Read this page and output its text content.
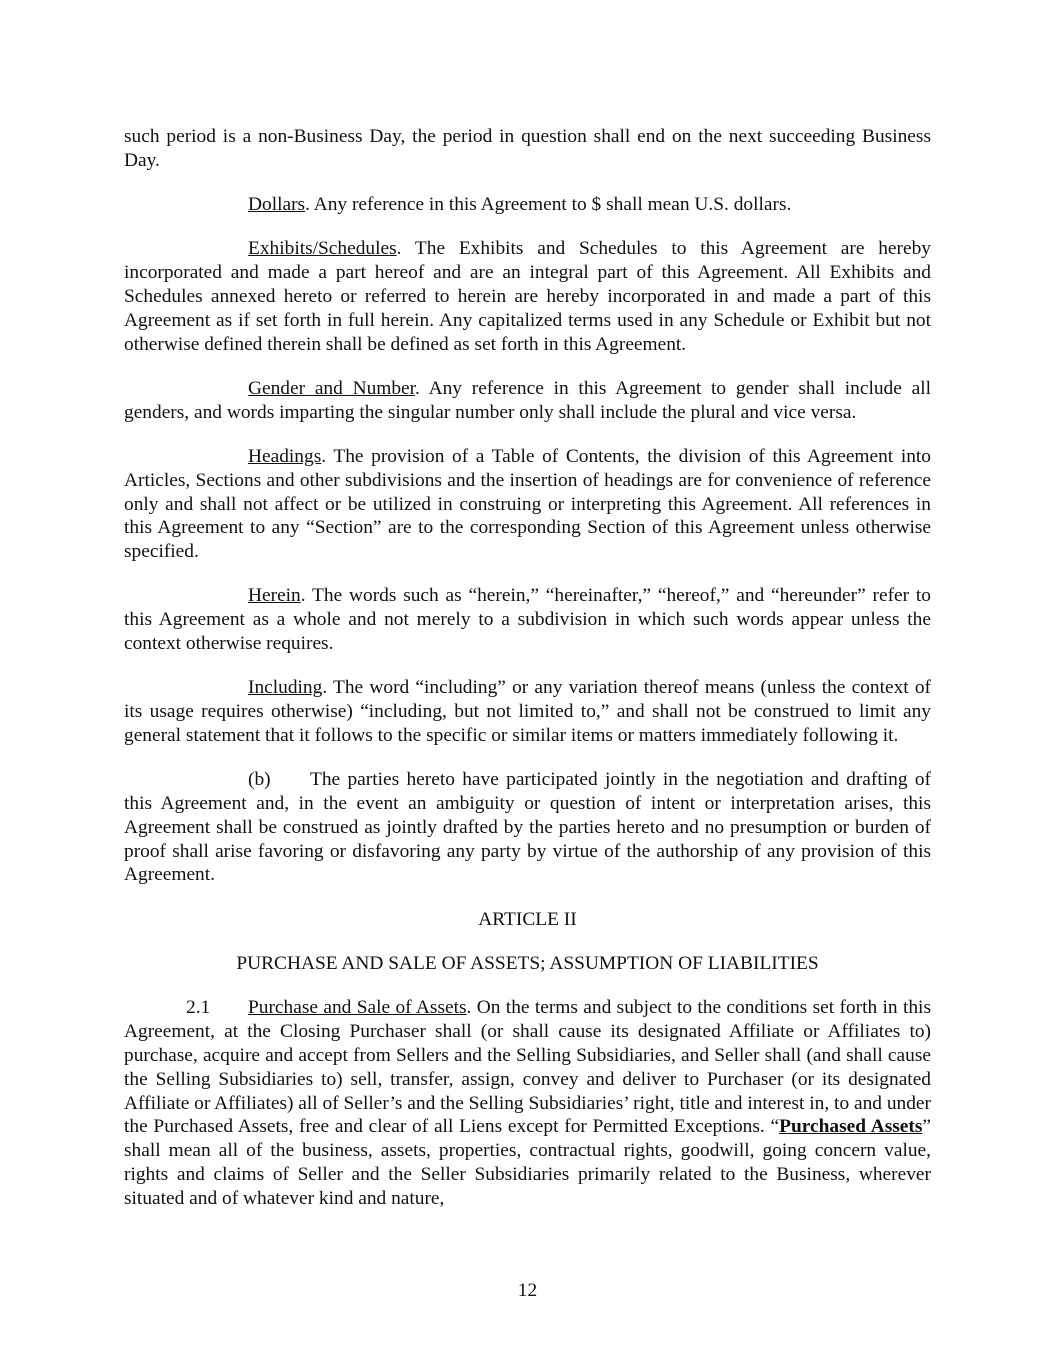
such period is a non-Business Day, the period in question shall end on the next succeeding Business Day.

Dollars. Any reference in this Agreement to $ shall mean U.S. dollars.

Exhibits/Schedules. The Exhibits and Schedules to this Agreement are hereby incorporated and made a part hereof and are an integral part of this Agreement. All Exhibits and Schedules annexed hereto or referred to herein are hereby incorporated in and made a part of this Agreement as if set forth in full herein. Any capitalized terms used in any Schedule or Exhibit but not otherwise defined therein shall be defined as set forth in this Agreement.

Gender and Number. Any reference in this Agreement to gender shall include all genders, and words imparting the singular number only shall include the plural and vice versa.

Headings. The provision of a Table of Contents, the division of this Agreement into Articles, Sections and other subdivisions and the insertion of headings are for convenience of reference only and shall not affect or be utilized in construing or interpreting this Agreement. All references in this Agreement to any “Section” are to the corresponding Section of this Agreement unless otherwise specified.

Herein. The words such as “herein,” “hereinafter,” “hereof,” and “hereunder” refer to this Agreement as a whole and not merely to a subdivision in which such words appear unless the context otherwise requires.

Including. The word “including” or any variation thereof means (unless the context of its usage requires otherwise) “including, but not limited to,” and shall not be construed to limit any general statement that it follows to the specific or similar items or matters immediately following it.

(b) The parties hereto have participated jointly in the negotiation and drafting of this Agreement and, in the event an ambiguity or question of intent or interpretation arises, this Agreement shall be construed as jointly drafted by the parties hereto and no presumption or burden of proof shall arise favoring or disfavoring any party by virtue of the authorship of any provision of this Agreement.

ARTICLE II

PURCHASE AND SALE OF ASSETS; ASSUMPTION OF LIABILITIES

2.1 Purchase and Sale of Assets. On the terms and subject to the conditions set forth in this Agreement, at the Closing Purchaser shall (or shall cause its designated Affiliate or Affiliates to) purchase, acquire and accept from Sellers and the Selling Subsidiaries, and Seller shall (and shall cause the Selling Subsidiaries to) sell, transfer, assign, convey and deliver to Purchaser (or its designated Affiliate or Affiliates) all of Seller’s and the Selling Subsidiaries’ right, title and interest in, to and under the Purchased Assets, free and clear of all Liens except for Permitted Exceptions. “Purchased Assets” shall mean all of the business, assets, properties, contractual rights, goodwill, going concern value, rights and claims of Seller and the Seller Subsidiaries primarily related to the Business, wherever situated and of whatever kind and nature,

12
